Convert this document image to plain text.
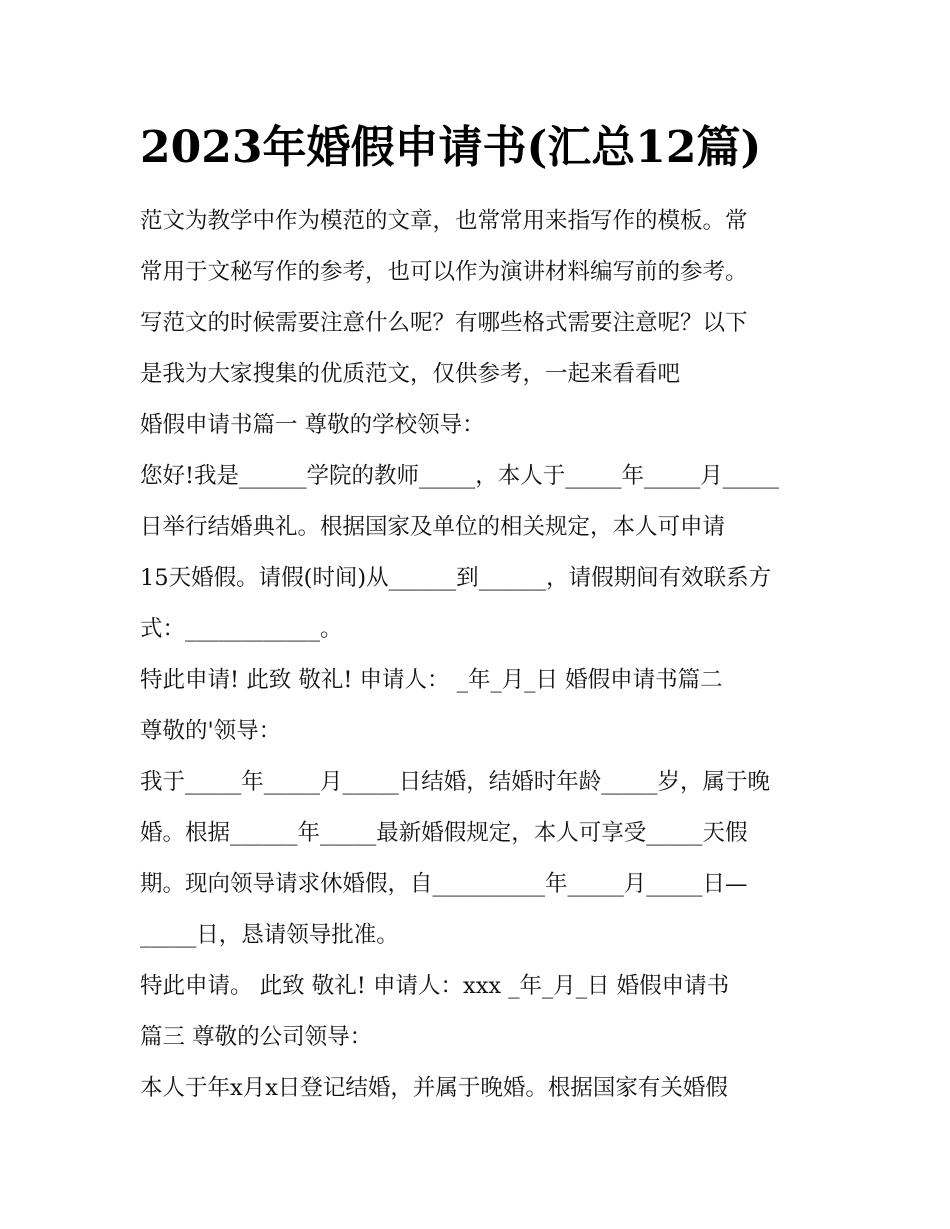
2023年婚假申请书(汇总12篇)
范文为教学中作为模范的文章，也常常用来指写作的模板。常
常用于文秘写作的参考，也可以作为演讲材料编写前的参考。
写范文的时候需要注意什么呢？有哪些格式需要注意呢？以下
是我为大家搜集的优质范文，仅供参考，一起来看看吧
婚假申请书篇一 尊敬的学校领导：
您好!我是______学院的教师_____，本人于_____年_____月_____
日举行结婚典礼。根据国家及单位的相关规定，本人可申请
15天婚假。请假(时间)从______到______，请假期间有效联系方
式：____________。
特此申请! 此致 敬礼! 申请人： _年_月_日 婚假申请书篇二
尊敬的'领导：
我于_____年_____月_____日结婚，结婚时年龄_____岁，属于晚
婚。根据______年_____最新婚假规定，本人可享受_____天假
期。现向领导请求休婚假，自__________年_____月_____日—
_____日，恳请领导批准。
特此申请。 此致 敬礼! 申请人：xxx _年_月_日 婚假申请书
篇三 尊敬的公司领导：
本人于年x月x日登记结婚，并属于晚婚。根据国家有关婚假
